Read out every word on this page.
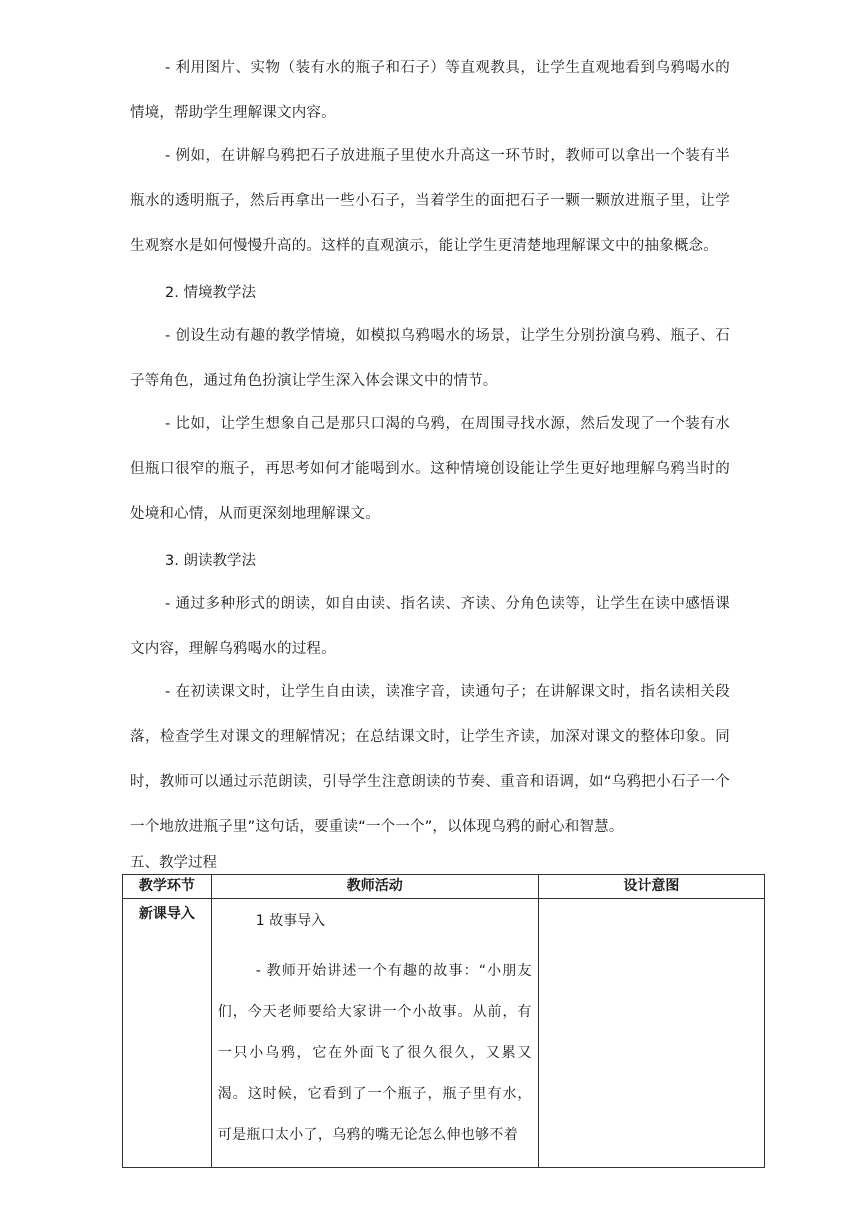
- 利用图片、实物（装有水的瓶子和石子）等直观教具，让学生直观地看到乌鸦喝水的情境，帮助学生理解课文内容。

- 例如，在讲解乌鸦把石子放进瓶子里使水升高这一环节时，教师可以拿出一个装有半瓶水的透明瓶子，然后再拿出一些小石子，当着学生的面把石子一颗一颗放进瓶子里，让学生观察水是如何慢慢升高的。这样的直观演示，能让学生更清楚地理解课文中的抽象概念。

2. 情境教学法

- 创设生动有趣的教学情境，如模拟乌鸦喝水的场景，让学生分别扮演乌鸦、瓶子、石子等角色，通过角色扮演让学生深入体会课文中的情节。

- 比如，让学生想象自己是那只口渴的乌鸦，在周围寻找水源，然后发现了一个装有水但瓶口很窄的瓶子，再思考如何才能喝到水。这种情境创设能让学生更好地理解乌鸦当时的处境和心情，从而更深刻地理解课文。

3. 朗读教学法

- 通过多种形式的朗读，如自由读、指名读、齐读、分角色读等，让学生在读中感悟课文内容，理解乌鸦喝水的过程。

- 在初读课文时，让学生自由读，读准字音，读通句子；在讲解课文时，指名读相关段落，检查学生对课文的理解情况；在总结课文时，让学生齐读，加深对课文的整体印象。同时，教师可以通过示范朗读，引导学生注意朗读的节奏、重音和语调，如“乌鸦把小石子一个一个地放进瓶子里”这句话，要重读“一个一个”，以体现乌鸦的耐心和智慧。

五、教学过程

教学环节	教师活动	设计意图
新课导入	1 故事导入

- 教师开始讲述一个有趣的故事：“小朋友们，今天老师要给大家讲一个小故事。从前，有一只小乌鸦，它在外面飞了很久很久，又累又渴。这时候，它看到了一个瓶子，瓶子里有水，可是瓶口太小了，乌鸦的嘴无论怎么伸也够不着	
